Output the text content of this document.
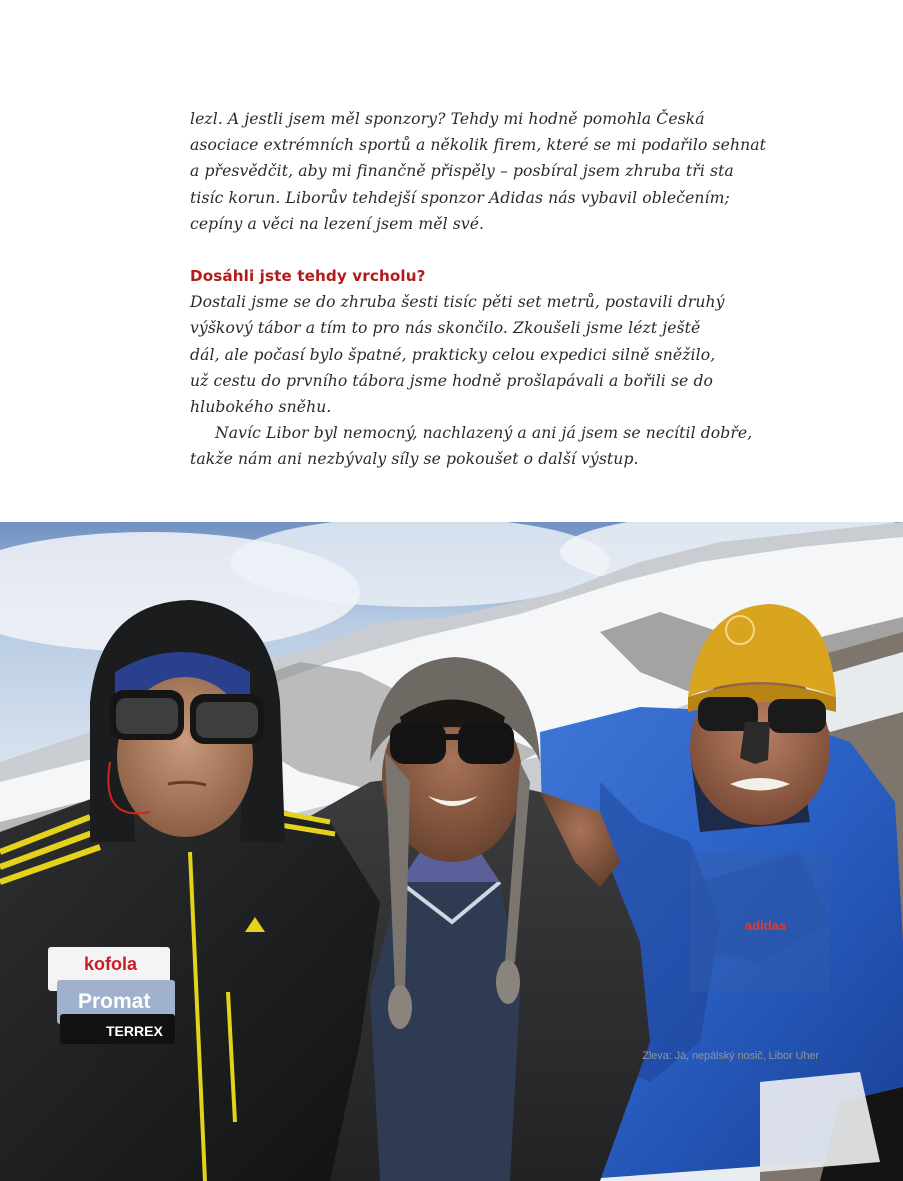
lezl. A jestli jsem měl sponzory? Tehdy mi hodně pomohla Česká
asociace extrémních sportů a několik firem, které se mi podařilo sehnat
a přesvědčit, aby mi finančně přispěly – posbíral jsem zhruba tři sta
tisíc korun. Liborův tehdejší sponzor Adidas nás vybavil oblečením;
cepíny a věci na lezení jsem měl své.

Dosáhli jste tehdy vrcholu?

Dostali jsme se do zhruba šesti tisíc pěti set metrů, postavili druhý
výškový tábor a tím to pro nás skončilo. Zkoušeli jsme lézt ještě
dál, ale počasí bylo špatné, prakticky celou expedici silně sněžilo,
už cestu do prvního tábora jsme hodně prošlapávali a bořili se do
hlubokého sněhu.

Navíc Libor byl nemocný, nachlazený a ani já jsem se necítil dobře,
takže nám ani nezbývaly síly se pokoušet o další výstup.

adidas
kofola
Promat
TERREX
Zleva: Já, nepálský nosič, Libor Uher
